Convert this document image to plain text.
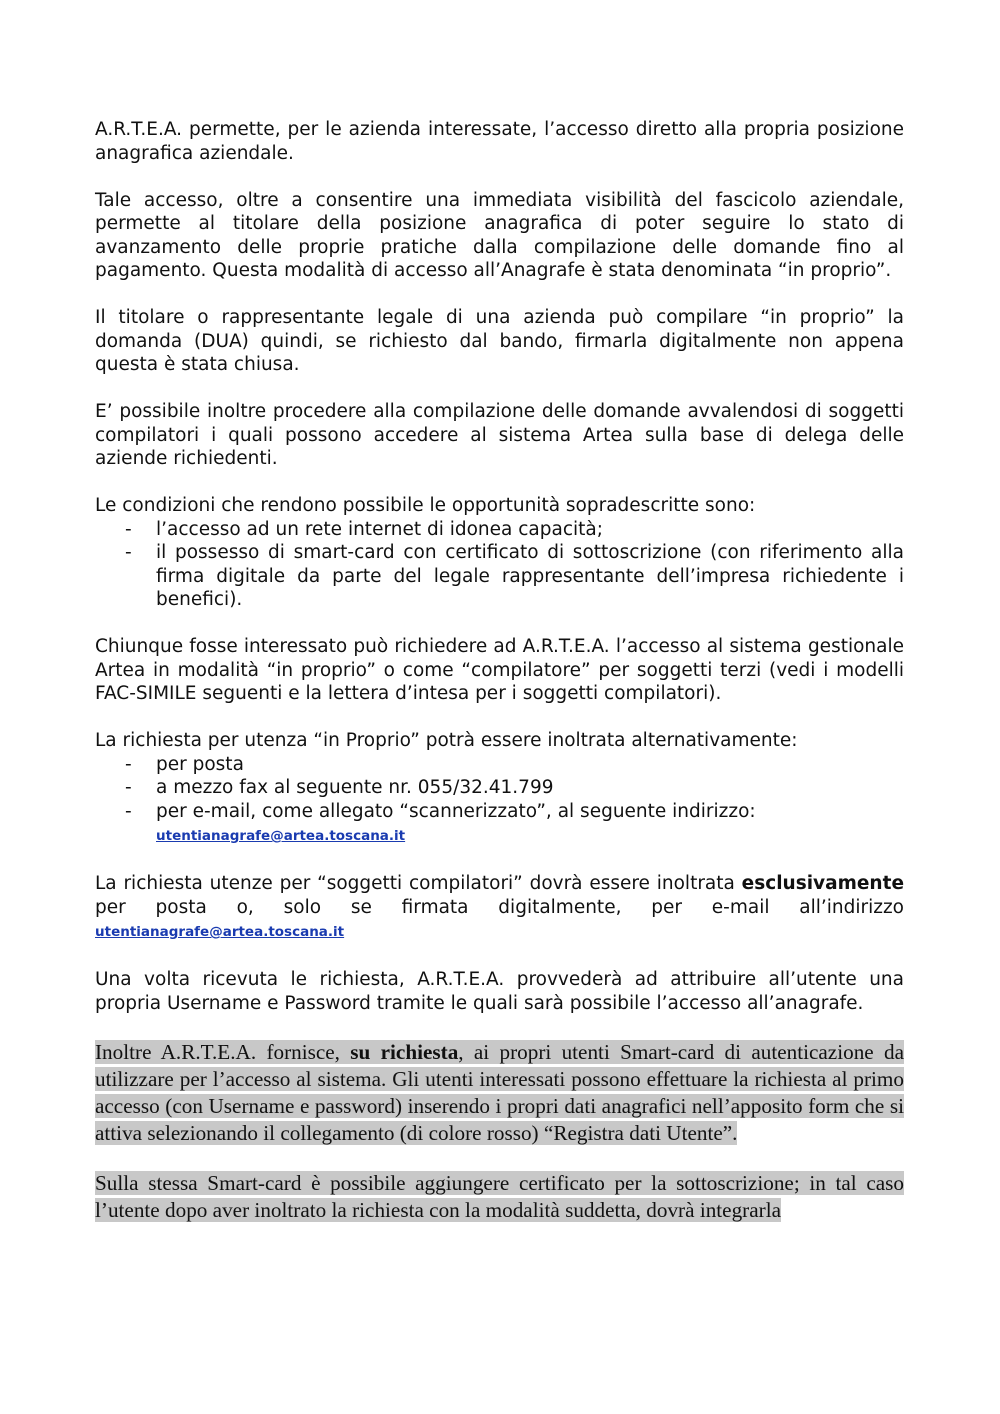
A.R.T.E.A. permette, per le azienda interessate, l’accesso diretto alla propria posizione anagrafica aziendale.

Tale accesso, oltre a consentire una immediata visibilità del fascicolo aziendale, permette al titolare della posizione anagrafica di poter seguire lo stato di avanzamento delle proprie pratiche dalla compilazione delle domande fino al pagamento. Questa modalità di accesso all’Anagrafe è stata denominata “in proprio”.

Il titolare o rappresentante legale di una azienda può compilare “in proprio” la domanda (DUA) quindi, se richiesto dal bando, firmarla digitalmente non appena questa è stata chiusa.

E’ possibile inoltre procedere alla compilazione delle domande avvalendosi di soggetti compilatori i quali possono accedere al sistema Artea sulla base di delega delle aziende richiedenti.

Le condizioni che rendono possibile le opportunità sopradescritte sono:

- l’accesso ad un rete internet di idonea capacità;
- il possesso di smart-card con certificato di sottoscrizione (con riferimento alla firma digitale da parte del legale rappresentante dell’impresa richiedente i benefici).

Chiunque fosse interessato può richiedere ad A.R.T.E.A. l’accesso al sistema gestionale Artea in modalità “in proprio” o come “compilatore” per soggetti terzi (vedi i modelli FAC-SIMILE seguenti e la lettera d’intesa per i soggetti compilatori).

La richiesta per utenza “in Proprio” potrà essere inoltrata alternativamente:

- per posta
- a mezzo fax al seguente nr. 055/32.41.799
- per e-mail, come allegato “scannerizzato”, al seguente indirizzo:
utentianagrafe@artea.toscana.it

La richiesta utenze per “soggetti compilatori” dovrà essere inoltrata esclusivamente per posta o, solo se firmata digitalmente, per e-mail all’indirizzo utentianagrafe@artea.toscana.it

Una volta ricevuta le richiesta, A.R.T.E.A. provvederà ad attribuire all’utente una propria Username e Password tramite le quali sarà possibile l’accesso all’anagrafe.

Inoltre A.R.T.E.A. fornisce, su richiesta, ai propri utenti Smart-card di autenticazione da utilizzare per l’accesso al sistema. Gli utenti interessati possono effettuare la richiesta al primo accesso (con Username e password) inserendo i propri dati anagrafici nell’apposito form che si attiva selezionando il collegamento (di colore rosso) “Registra dati Utente”.

Sulla stessa Smart-card è possibile aggiungere certificato per la sottoscrizione; in tal caso l’utente dopo aver inoltrato la richiesta con la modalità suddetta, dovrà integrarla
